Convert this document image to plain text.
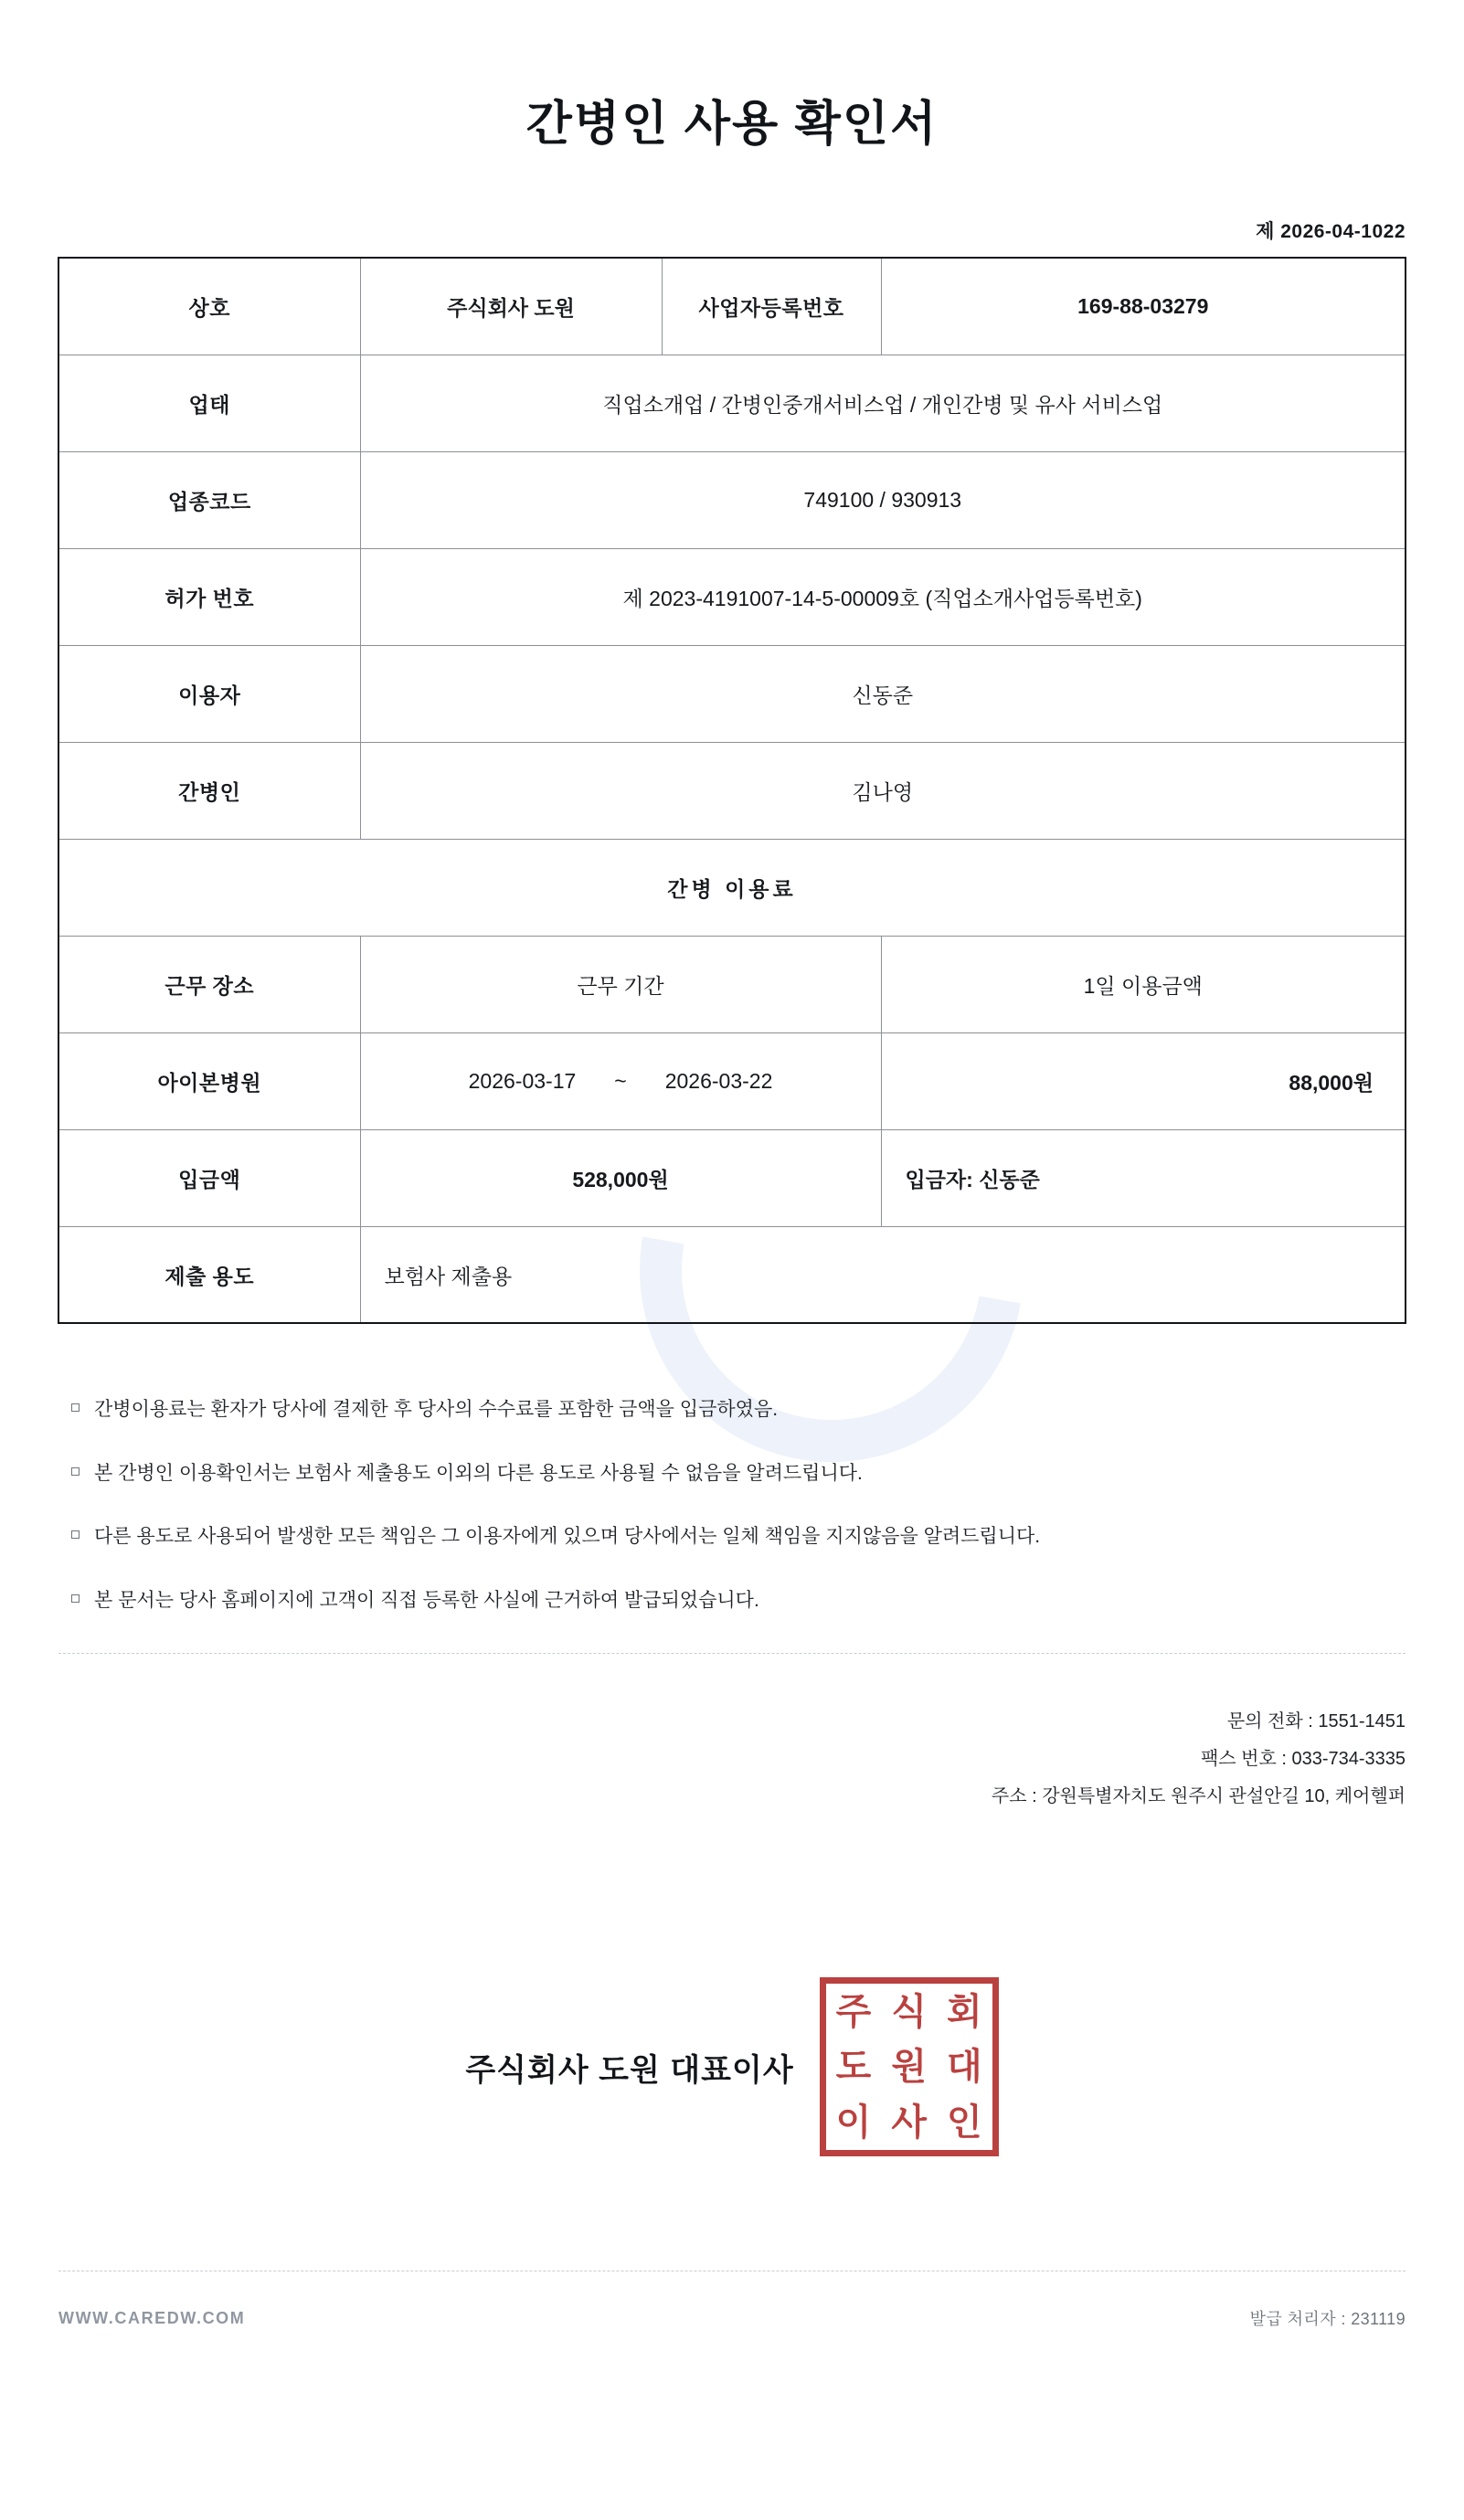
간병인 사용 확인서
제 2026-04-1022
상호	주식회사 도원	사업자등록번호	169-88-03279
업태	직업소개업 / 간병인중개서비스업 / 개인간병 및 유사 서비스업		
업종코드	749100 / 930913		
허가 번호	제 2023-4191007-14-5-00009호 (직업소개사업등록번호)		
이용자	신동준		
간병인	김나영		
간병 이용료			
근무 장소	근무 기간		1일 이용금액
아이본병원	2026-03-17 ~ 2026-03-22		88,000원
입금액	528,000원		입금자: 신동준
제출 용도	보험사 제출용		
간병이용료는 환자가 당사에 결제한 후 당사의 수수료를 포함한 금액을 입금하였음.
본 간병인 이용확인서는 보험사 제출용도 이외의 다른 용도로 사용될 수 없음을 알려드립니다.
다른 용도로 사용되어 발생한 모든 책임은 그 이용자에게 있으며 당사에서는 일체 책임을 지지않음을 알려드립니다.
본 문서는 당사 홈페이지에 고객이 직접 등록한 사실에 근거하여 발급되었습니다.
문의 전화 : 1551-1451
팩스 번호 : 033-734-3335
주소 : 강원특별자치도 원주시 관설안길 10, 케어헬퍼
주식회사 도원 대표이사
주 식 회
도 원 대
이 사 인
WWW.CAREDW.COM	발급 처리자 : 231119
